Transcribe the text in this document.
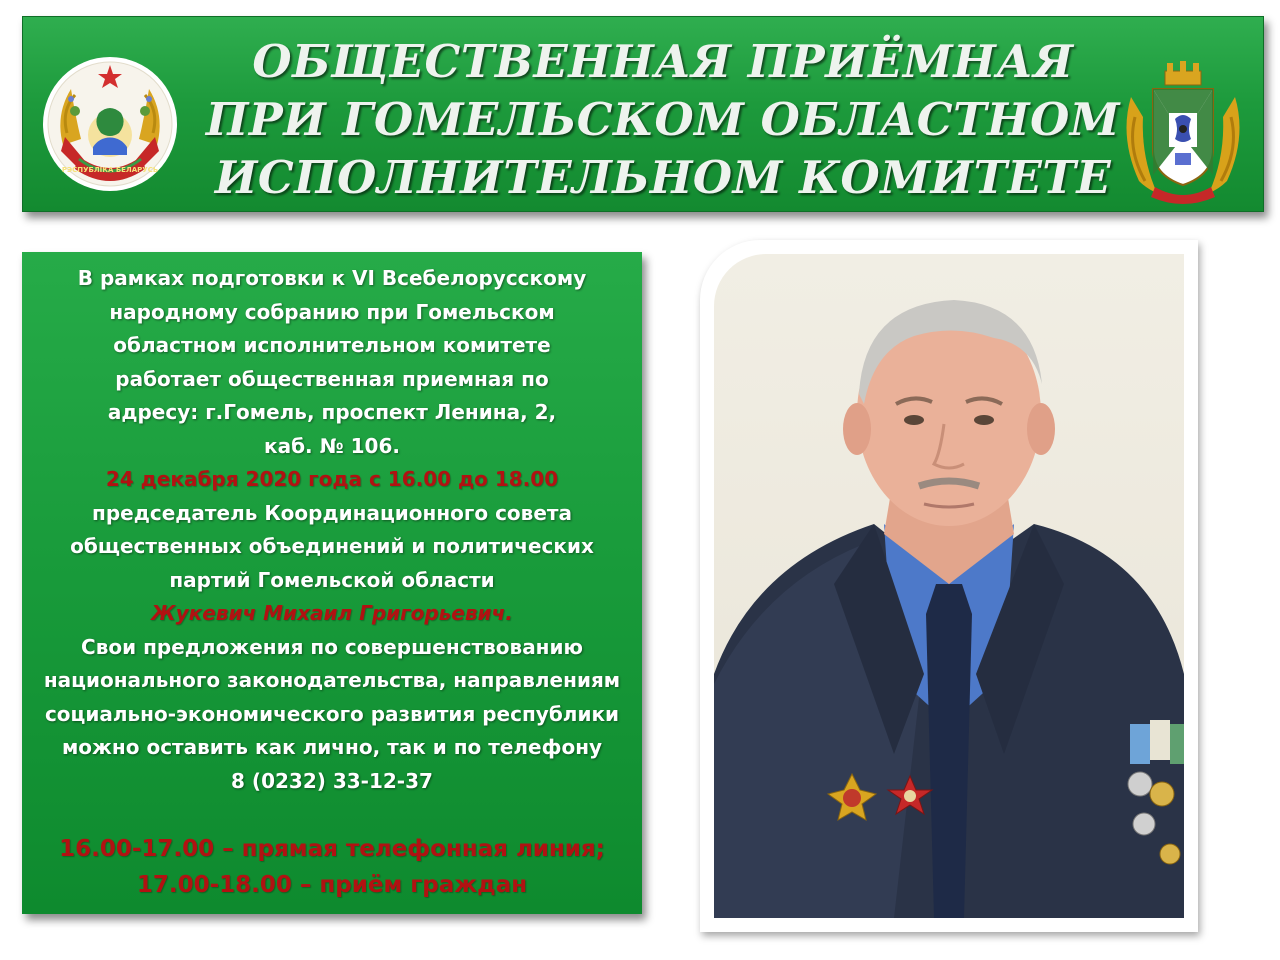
РЭСПУБЛІКА БЕЛАРУСЬ
ОБЩЕСТВЕННАЯ ПРИЁМНАЯ
ПРИ ГОМЕЛЬСКОМ ОБЛАСТНОМ
ИСПОЛНИТЕЛЬНОМ КОМИТЕТЕ
В рамках подготовки к VI Всебелорусскому
народному собранию при Гомельском
областном исполнительном комитете
работает общественная приемная по
адресу: г.Гомель, проспект Ленина, 2,
каб. № 106.
24 декабря 2020 года с 16.00 до 18.00
председатель Координационного совета
общественных объединений и политических
партий Гомельской области
Жукевич Михаил Григорьевич.
Свои предложения по совершенствованию
национального законодательства, направлениям
социально-экономического развития республики
можно оставить как лично, так и по телефону
8 (0232) 33-12-37
16.00-17.00 – прямая телефонная линия;
17.00-18.00 – приём граждан
